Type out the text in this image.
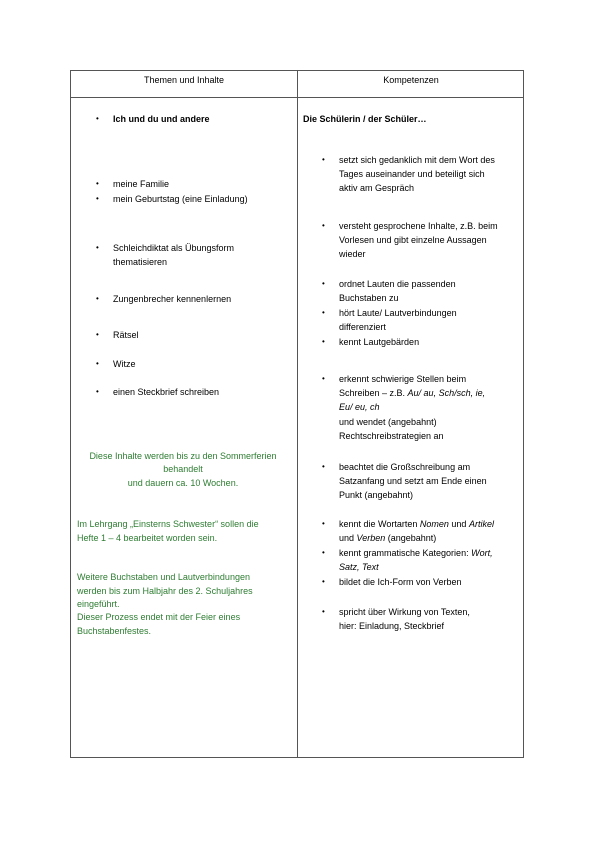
Themen und Inhalte	Kompetenzen
• Ich und du und andere
• meine Familie
• mein Geburtstag (eine Einladung)
• Schleichdiktat als Übungsform
thematisieren
• Zungenbrecher kennenlernen
• Rätsel
• Witze
• einen Steckbrief schreiben
Diese Inhalte werden bis zu den Sommerferien
behandelt
und dauern ca. 10 Wochen.
Im Lehrgang „Einsterns Schwester“ sollen die
Hefte 1 – 4 bearbeitet worden sein.
Weitere Buchstaben und Lautverbindungen
werden bis zum Halbjahr des 2. Schuljahres
eingeführt.
Dieser Prozess endet mit der Feier eines
Buchstabenfestes.
Die Schülerin / der Schüler…
• setzt sich gedanklich mit dem Wort des
Tages auseinander und beteiligt sich
aktiv am Gespräch
• versteht gesprochene Inhalte, z.B. beim
Vorlesen und gibt einzelne Aussagen
wieder
• ordnet Lauten die passenden
Buchstaben zu
• hört Laute/ Lautverbindungen
differenziert
• kennt Lautgebärden
• erkennt schwierige Stellen beim
Schreiben – z.B. Au/ au, Sch/sch, ie,
Eu/ eu, ch
und wendet (angebahnt)
Rechtschreibstrategien an
• beachtet die Großschreibung am
Satzanfang und setzt am Ende einen
Punkt (angebahnt)
• kennt die Wortarten Nomen und Artikel
und Verben (angebahnt)
• kennt grammatische Kategorien: Wort,
Satz, Text
• bildet die Ich-Form von Verben
• spricht über Wirkung von Texten,
hier: Einladung, Steckbrief
